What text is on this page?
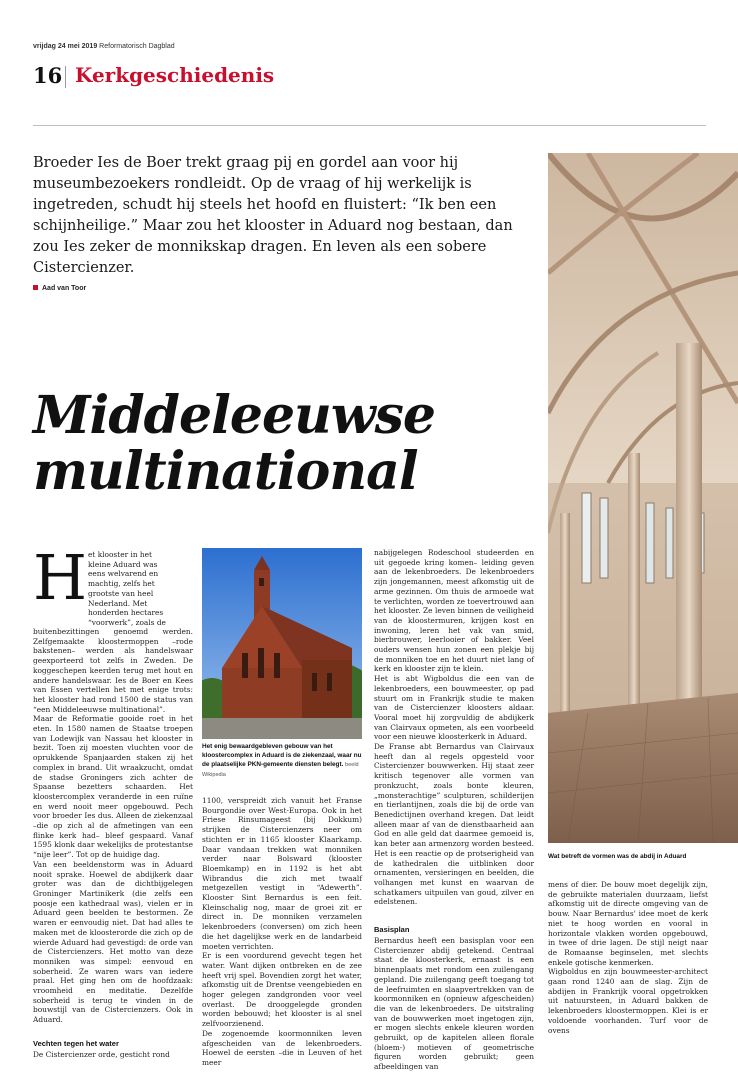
vrijdag 24 mei 2019 Reformatorisch Dagblad
16 Kerkgeschiedenis
Broeder Ies de Boer trekt graag pij en gordel aan voor hij museumbezoekers rondleidt. Op de vraag of hij werkelijk is ingetreden, schudt hij steels het hoofd en fluistert: “Ik ben een schijnheilige.” Maar zou het klooster in Aduard nog bestaan, dan zou Ies zeker de monnikskap dragen. En leven als een sobere Cistercienzer.
Aad van Toor
Middeleeuwse
multinational
Wat betreft de vormen was de abdij in Aduard
H et klooster in het
kleine Aduard was
eens welvarend en
machtig, zelfs het
grootste van heel
Nederland. Met
honderden hectares
“voorwerk”, zoals de
buitenbezittingen genoemd werden. Zelfgemaakte kloostermoppen –rode bakstenen– werden als handelswaar geexporteerd tot zelfs in Zweden. De koggeschepen keerden terug met hout en andere handelswaar. Ies de Boer en Kees van Essen vertellen het met enige trots: het klooster had rond 1500 de status van “een Middeleeuwse multinational”.
Maar de Reformatie gooide roet in het eten. In 1580 namen de Staatse troepen van Lodewijk van Nassau het klooster in bezit. Toen zij moesten vluchten voor de oprukkende Spanjaarden staken zij het complex in brand. Uit wraakzucht, omdat de stadse Groningers zich achter de Spaanse bezetters schaarden. Het kloostercomplex veranderde in een ruïne en werd nooit meer opgebouwd. Pech voor broeder Ies dus. Alleen de ziekenzaal –die op zich al de afmetingen van een flinke kerk had– bleef gespaard. Vanaf 1595 klonk daar wekelijks de protestantse “nije leer”. Tot op de huidige dag.
Van een beeldenstorm was in Aduard nooit sprake. Hoewel de abdijkerk daar groter was dan de dichtbijgelegen Groninger Martinikerk (die zelfs een poosje een kathedraal was), vielen er in Aduard geen beelden te bestormen. Ze waren er eenvoudig niet. Dat had alles te maken met de kloosterorde die zich op de wierde Aduard had gevestigd: de orde van de Cistercienzers. Het motto van deze monniken was simpel: eenvoud en soberheid. Ze waren wars van iedere praal. Het ging hen om de hoofdzaak: vroomheid en meditatie. Dezelfde soberheid is terug te vinden in de bouwstijl van de Cistercienzers. Ook in Aduard.
Vechten tegen het water
De Cistercienzer orde, gesticht rond
Het enig bewaardgebleven gebouw van het kloostercomplex in Aduard is de ziekenzaal, waar nu de plaatselijke PKN-gemeente diensten belegt. beeld Wikipedia
1100, verspreidt zich vanuit het Franse Bourgondie over West-Europa. Ook in het Friese Rinsumageest (bij Dokkum) strijken de Cistercienzers neer om stichten er in 1165 klooster Klaarkamp. Daar vandaan trekken wat monniken verder naar Bolsward (klooster Bloemkamp) en in 1192 is het abt Wibrandus die zich met twaalf metgezellen vestigt in “Adewerth”. Klooster Sint Bernardus is een feit. Kleinschalig nog, maar de groei zit er direct in. De monniken verzamelen lekenbroeders (conversen) om zich heen die het dagelijkse werk en de landarbeid moeten verrichten.
Er is een voordurend gevecht tegen het water. Want dijken ontbreken en de zee heeft vrij spel. Bovendien zorgt het water, afkomstig uit de Drentse veengebieden en hoger gelegen zandgronden voor veel overlast. De drooggelegde gronden worden bebouwd; het klooster is al snel zelfvoorzienend.
De zogenoemde koormonniken leven afgescheiden van de lekenbroeders. Hoewel de eersten –die in Leuven of het meer
nabijgelegen Rodeschool studeerden en uit gegoede kring komen– leiding geven aan de lekenbroeders. De lekenbroeders zijn jongemannen, meest afkomstig uit de arme gezinnen. Om thuis de armoede wat te verlichten, worden ze toevertrouwd aan het klooster. Ze leven binnen de veiligheid van de kloostermuren, krijgen kost en inwoning, leren het vak van smid, bierbrouwer, leerlooier of bakker. Veel ouders wensen hun zonen een plekje bij de monniken toe en het duurt niet lang of kerk en klooster zijn te klein.
Het is abt Wigboldus die een van de lekenbroeders, een bouwmeester, op pad stuurt om in Frankrijk studie te maken van de Cistercienzer kloosters aldaar. Vooral moet hij zorgvuldig de abdijkerk van Clairvaux opmeten, als een voorbeeld voor een nieuwe kloosterkerk in Aduard.
De Franse abt Bernardus van Clairvaux heeft dan al regels opgesteld voor Cistercienzer bouwwerken. Hij staat zeer kritisch tegenover alle vormen van pronkzucht, zoals bonte kleuren, „monsterachtige” sculpturen, schilderijen en tierlantijnen, zoals die bij de orde van Benedictijnen overhand kregen. Dat leidt alleen maar af van de dienstbaarheid aan God en alle geld dat daarmee gemoeid is, kan beter aan armenzorg worden besteed. Het is een reactie op de protserigheid van de kathedralen die uitblinken door ornamenten, versieringen en beelden, die volhangen met kunst en waarvan de schatkamers uitpuilen van goud, zilver en edelstenen.
Basisplan
Bernardus heeft een basisplan voor een Cistercienzer abdij getekend. Centraal staat de kloosterkerk, ernaast is een binnenplaats met rondom een zuilengang gepland. Die zuilengang geeft toegang tot de leefruimten en slaapvertrekken van de koormonniken en (opnieuw afgescheiden) die van de lekenbroeders. De uitstraling van de bouwwerken moet ingetogen zijn, er mogen slechts enkele kleuren worden gebruikt, op de kapitelen alleen florale (bloem-) motieven of geometrische figuren worden gebruikt; geen afbeeldingen van
mens of dier. De bouw moet degelijk zijn, de gebruikte materialen duurzaam, liefst afkomstig uit de directe omgeving van de bouw. Naar Bernardus' idee moet de kerk niet te hoog worden en vooral in horizontale vlakken worden opgebouwd, in twee of drie lagen. De stijl neigt naar de Romaanse beginselen, met slechts enkele gotische kenmerken.
Wigboldus en zijn bouwmeester-architect gaan rond 1240 aan de slag. Zijn de abdijen in Frankrijk vooral opgetrokken uit natuursteen, in Aduard bakken de lekenbroeders kloostermoppen. Klei is er voldoende voorhanden. Turf voor de ovens
